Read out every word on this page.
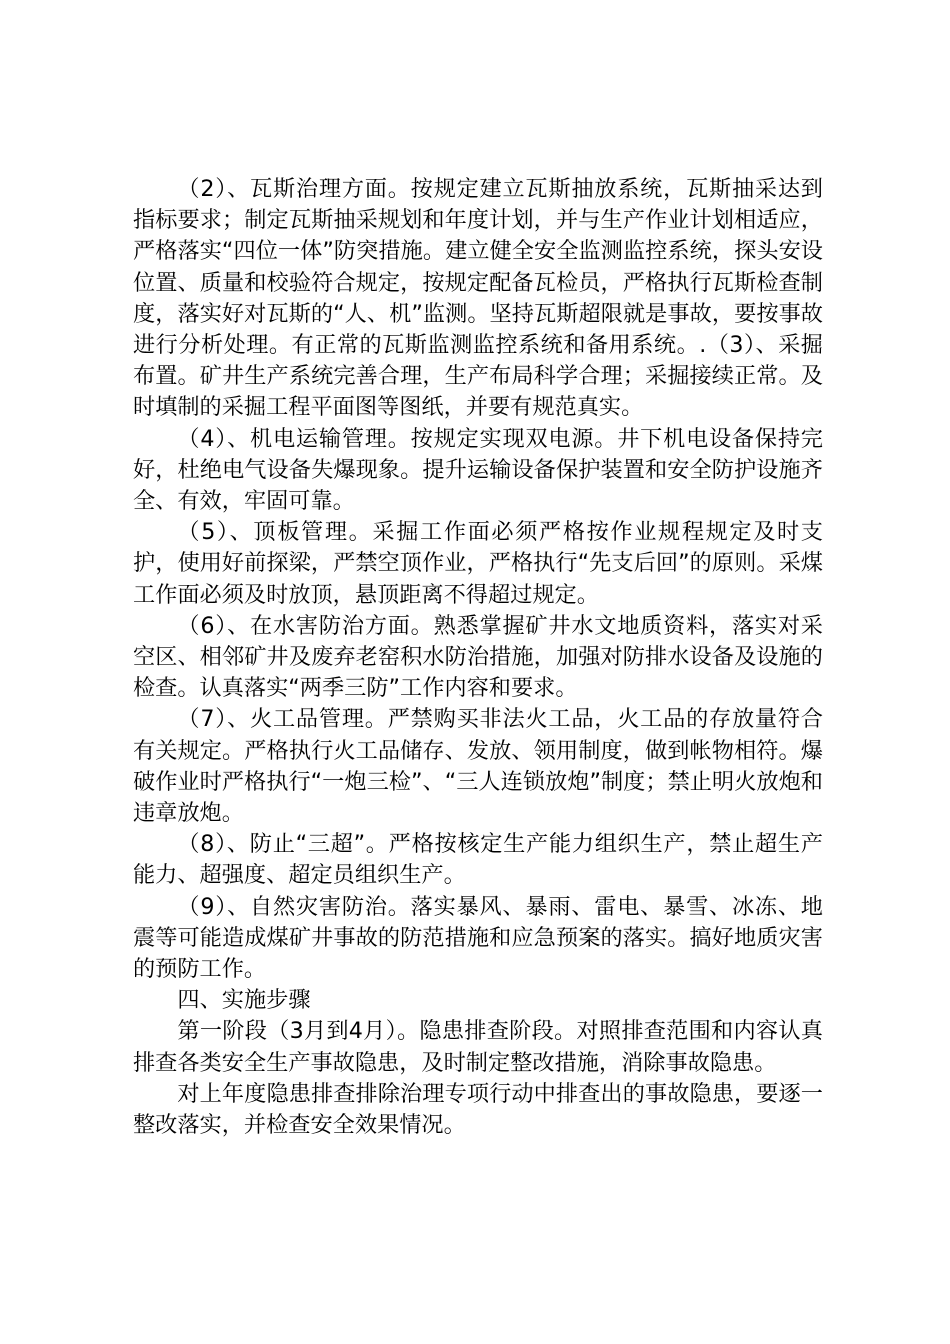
（2）、瓦斯治理方面。按规定建立瓦斯抽放系统，瓦斯抽采达到指标要求；制定瓦斯抽采规划和年度计划，并与生产作业计划相适应，严格落实“四位一体”防突措施。建立健全安全监测监控系统，探头安设位置、质量和校验符合规定，按规定配备瓦检员，严格执行瓦斯检查制度，落实好对瓦斯的“人、机”监测。坚持瓦斯超限就是事故，要按事故进行分析处理。有正常的瓦斯监测监控系统和备用系统。.（3）、采掘布置。矿井生产系统完善合理，生产布局科学合理；采掘接续正常。及时填制的采掘工程平面图等图纸，并要有规范真实。

（4）、机电运输管理。按规定实现双电源。井下机电设备保持完好，杜绝电气设备失爆现象。提升运输设备保护装置和安全防护设施齐全、有效，牢固可靠。

（5）、顶板管理。采掘工作面必须严格按作业规程规定及时支护，使用好前探梁，严禁空顶作业，严格执行“先支后回”的原则。采煤工作面必须及时放顶，悬顶距离不得超过规定。

（6）、在水害防治方面。熟悉掌握矿井水文地质资料，落实对采空区、相邻矿井及废弃老窑积水防治措施，加强对防排水设备及设施的检查。认真落实“两季三防”工作内容和要求。

（7）、火工品管理。严禁购买非法火工品，火工品的存放量符合有关规定。严格执行火工品储存、发放、领用制度，做到帐物相符。爆破作业时严格执行“一炮三检”、“三人连锁放炮”制度；禁止明火放炮和违章放炮。

（8）、防止“三超”。严格按核定生产能力组织生产，禁止超生产能力、超强度、超定员组织生产。

（9）、自然灾害防治。落实暴风、暴雨、雷电、暴雪、冰冻、地震等可能造成煤矿井事故的防范措施和应急预案的落实。搞好地质灾害的预防工作。

四、实施步骤

第一阶段（3月到4月）。隐患排查阶段。对照排查范围和内容认真排查各类安全生产事故隐患，及时制定整改措施，消除事故隐患。

对上年度隐患排查排除治理专项行动中排查出的事故隐患，要逐一整改落实，并检查安全效果情况。
